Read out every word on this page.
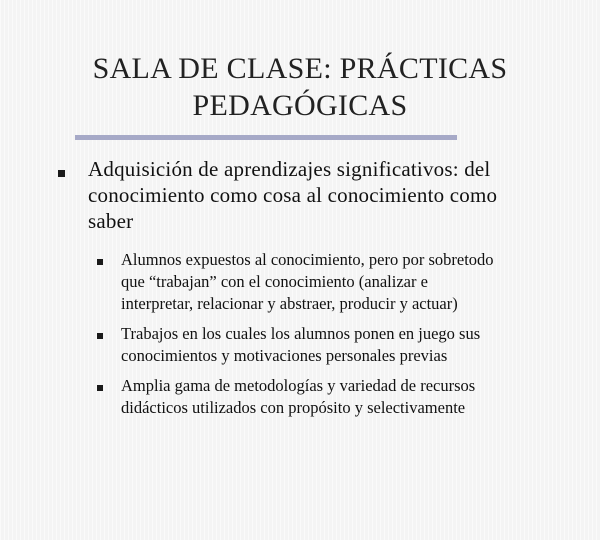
SALA DE CLASE: PRÁCTICAS
PEDAGÓGICAS
Adquisición de aprendizajes significativos: del
conocimiento como cosa al conocimiento como
saber
Alumnos expuestos al conocimiento, pero por sobretodo
que “trabajan” con el conocimiento (analizar e
interpretar, relacionar y abstraer, producir y actuar)
Trabajos en los cuales los alumnos ponen en juego sus
conocimientos y motivaciones personales previas
Amplia gama de metodologías y variedad de recursos
didácticos utilizados con propósito y selectivamente
